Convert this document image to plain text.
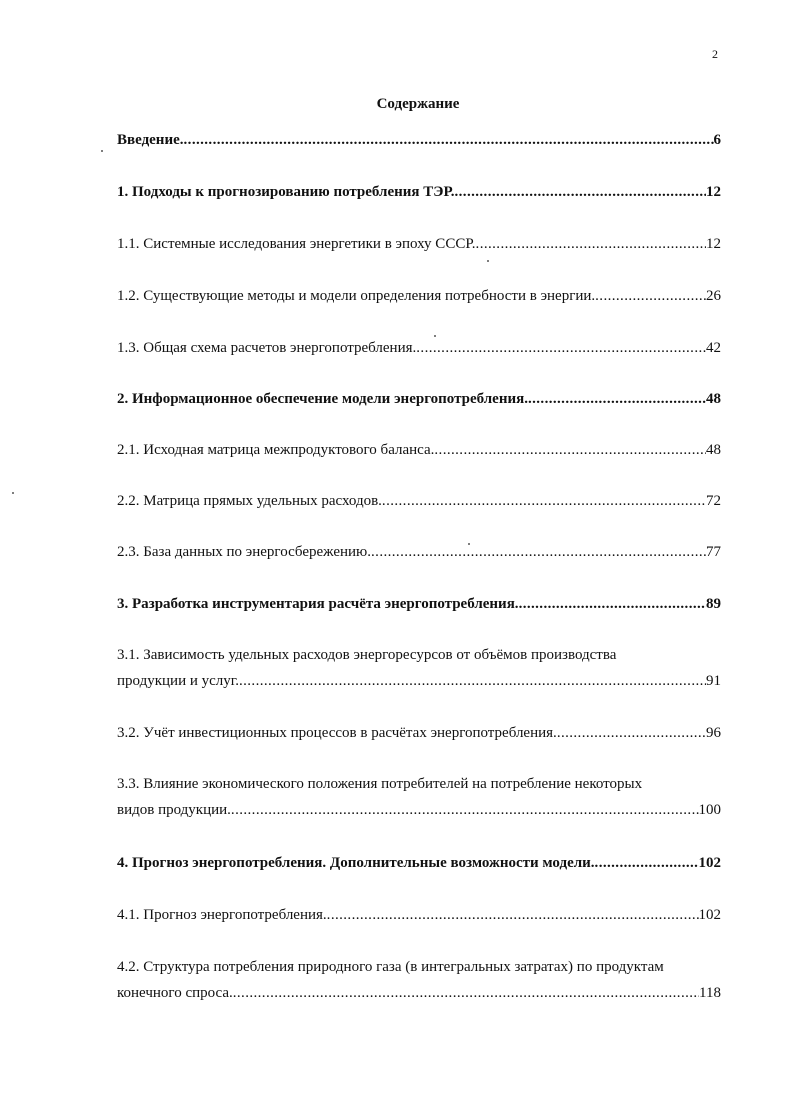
2
Содержание
Введение. .....	6
1. Подходы к прогнозированию потребления ТЭР. .....	12
1.1. Системные исследования энергетики в эпоху СССР. .....	12
1.2. Существующие методы и модели определения потребности в энергии. .....	26
1.3. Общая схема расчетов энергопотребления. .....	42
2. Информационное обеспечение модели энергопотребления. .....	48
2.1. Исходная матрица межпродуктового баланса. .....	48
2.2. Матрица прямых удельных расходов. .....	72
2.3. База данных по энергосбережению. .....	77
3. Разработка инструментария расчёта энергопотребления. .....	89
3.1. Зависимость удельных расходов энергоресурсов от объёмов производства
продукции и услуг. .....	91
3.2. Учёт инвестиционных процессов в расчётах энергопотребления. .....	96
3.3. Влияние экономического положения потребителей на потребление некоторых
видов продукции. .....	100
4. Прогноз энергопотребления. Дополнительные возможности модели. .....	102
4.1. Прогноз энергопотребления. .....	102
4.2. Структура потребления природного газа (в интегральных затратах) по продуктам
конечного спроса. .....	118
